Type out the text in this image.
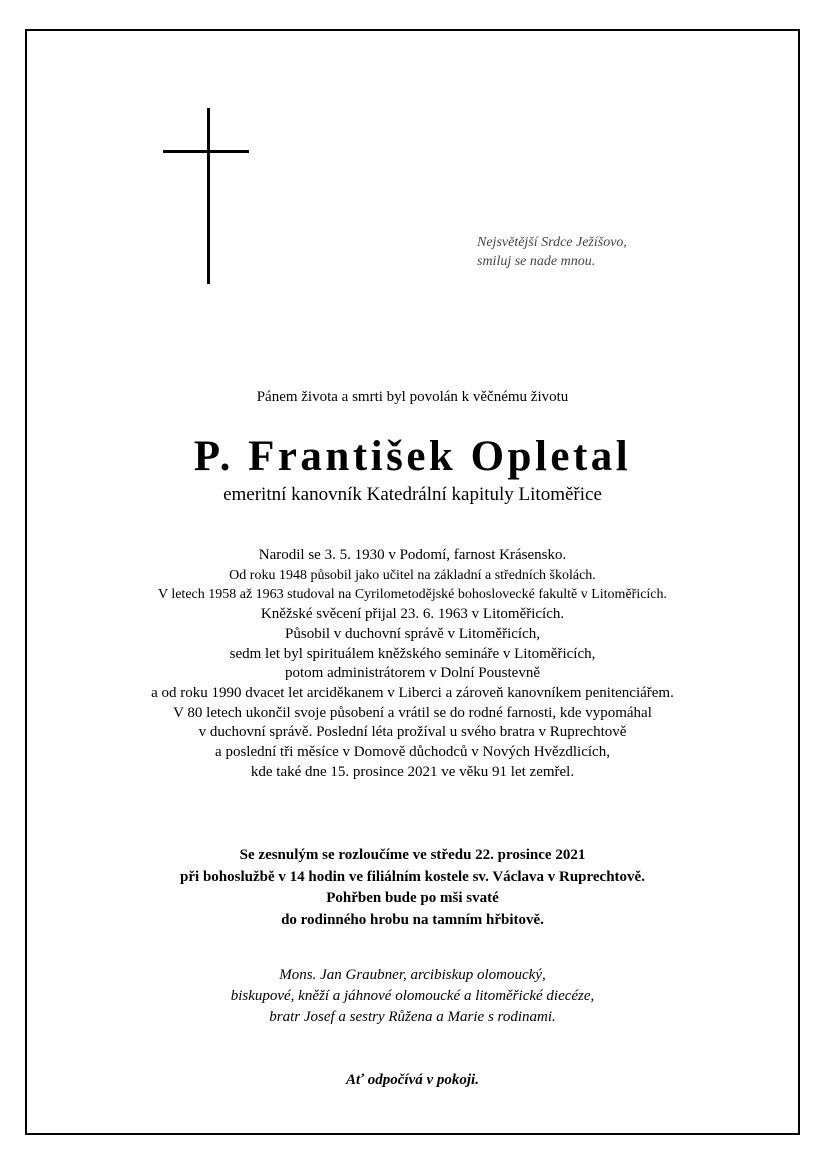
Nejsvětější Srdce Ježíšovo,
smiluj se nade mnou.
Pánem života a smrti byl povolán k věčnému životu
P. František Opletal
emeritní kanovník Katedrální kapituly Litoměřice
Narodil se 3. 5. 1930 v Podomí, farnost Krásensko.
Od roku 1948 působil jako učitel na základní a středních školách.
V letech 1958 až 1963 studoval na Cyrilometodějské bohoslovecké fakultě v Litoměřicích.
Kněžské svěcení přijal 23. 6. 1963 v Litoměřicích.
Působil v duchovní správě v Litoměřicích,
sedm let byl spirituálem kněžského semináře v Litoměřicích,
potom administrátorem v Dolní Poustevně
a od roku 1990 dvacet let arciděkanem v Liberci a zároveň kanovníkem penitenciářem.
V 80 letech ukončil svoje působení a vrátil se do rodné farnosti, kde vypomáhal
v duchovní správě. Poslední léta prožíval u svého bratra v Ruprechtově
a poslední tři měsíce v Domově důchodců v Nových Hvězdlicích,
kde také dne 15. prosince 2021 ve věku 91 let zemřel.
Se zesnulým se rozloučíme ve středu 22. prosince 2021
při bohoslužbě v 14 hodin ve filiálním kostele sv. Václava v Ruprechtově.
Pohřben bude po mši svaté
do rodinného hrobu na tamním hřbitově.
Mons. Jan Graubner, arcibiskup olomoucký,
biskupové, kněží a jáhnové olomoucké a litoměřické diecéze,
bratr Josef a sestry Růžena a Marie s rodinami.
Ať odpočívá v pokoji.
